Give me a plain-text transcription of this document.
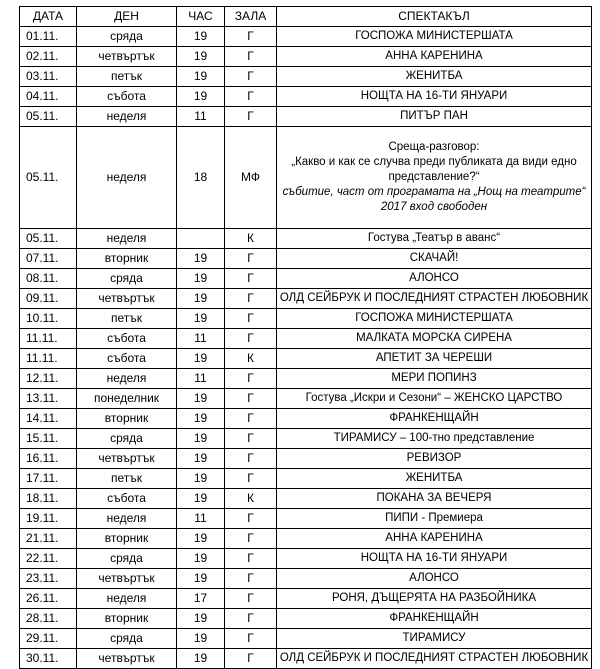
ДАТА	ДЕН	ЧАС	ЗАЛА	СПЕКТАКЪЛ
01.11.	сряда	19	Г	ГОСПОЖА МИНИСТЕРШАТА
02.11.	четвъртък	19	Г	АННА КАРЕНИНА
03.11.	петък	19	Г	ЖЕНИТБА
04.11.	събота	19	Г	НОЩТА НА 16-ТИ ЯНУАРИ
05.11.	неделя	11	Г	ПИТЪР ПАН
05.11.	неделя	18	МФ	Среща-разговор:
„Какво и как се случва преди публиката да види едно
представление?“
събитие, част от програмата на „Нощ на театрите“
2017 вход свободен

05.11.	неделя		К	Гостува „Театър в аванс“
07.11.	вторник	19	Г	СКАЧАЙ!
08.11.	сряда	19	Г	АЛОНСО
09.11.	четвъртък	19	Г	ОЛД СЕЙБРУК И ПОСЛЕДНИЯТ СТРАСТЕН ЛЮБОВНИК
10.11.	петък	19	Г	ГОСПОЖА МИНИСТЕРШАТА
11.11.	събота	11	Г	МАЛКАТА МОРСКА СИРЕНА
11.11.	събота	19	К	АПЕТИТ ЗА ЧЕРЕШИ
12.11.	неделя	11	Г	МЕРИ ПОПИНЗ
13.11.	понеделник	19	Г	Гостува „Искри и Сезони“ – ЖЕНСКО ЦАРСТВО
14.11.	вторник	19	Г	ФРАНКЕНЩАЙН
15.11.	сряда	19	Г	ТИРАМИСУ – 100-тно представление
16.11.	четвъртък	19	Г	РЕВИЗОР
17.11.	петък	19	Г	ЖЕНИТБА
18.11.	събота	19	К	ПОКАНА ЗА ВЕЧЕРЯ
19.11.	неделя	11	Г	ПИПИ - Премиера
21.11.	вторник	19	Г	АННА КАРЕНИНА
22.11.	сряда	19	Г	НОЩТА НА 16-ТИ ЯНУАРИ
23.11.	четвъртък	19	Г	АЛОНСО
26.11.	неделя	17	Г	РОНЯ, ДЪЩЕРЯТА НА РАЗБОЙНИКА
28.11.	вторник	19	Г	ФРАНКЕНЩАЙН
29.11.	сряда	19	Г	ТИРАМИСУ
30.11.	четвъртък	19	Г	ОЛД СЕЙБРУК И ПОСЛЕДНИЯТ СТРАСТЕН ЛЮБОВНИК
